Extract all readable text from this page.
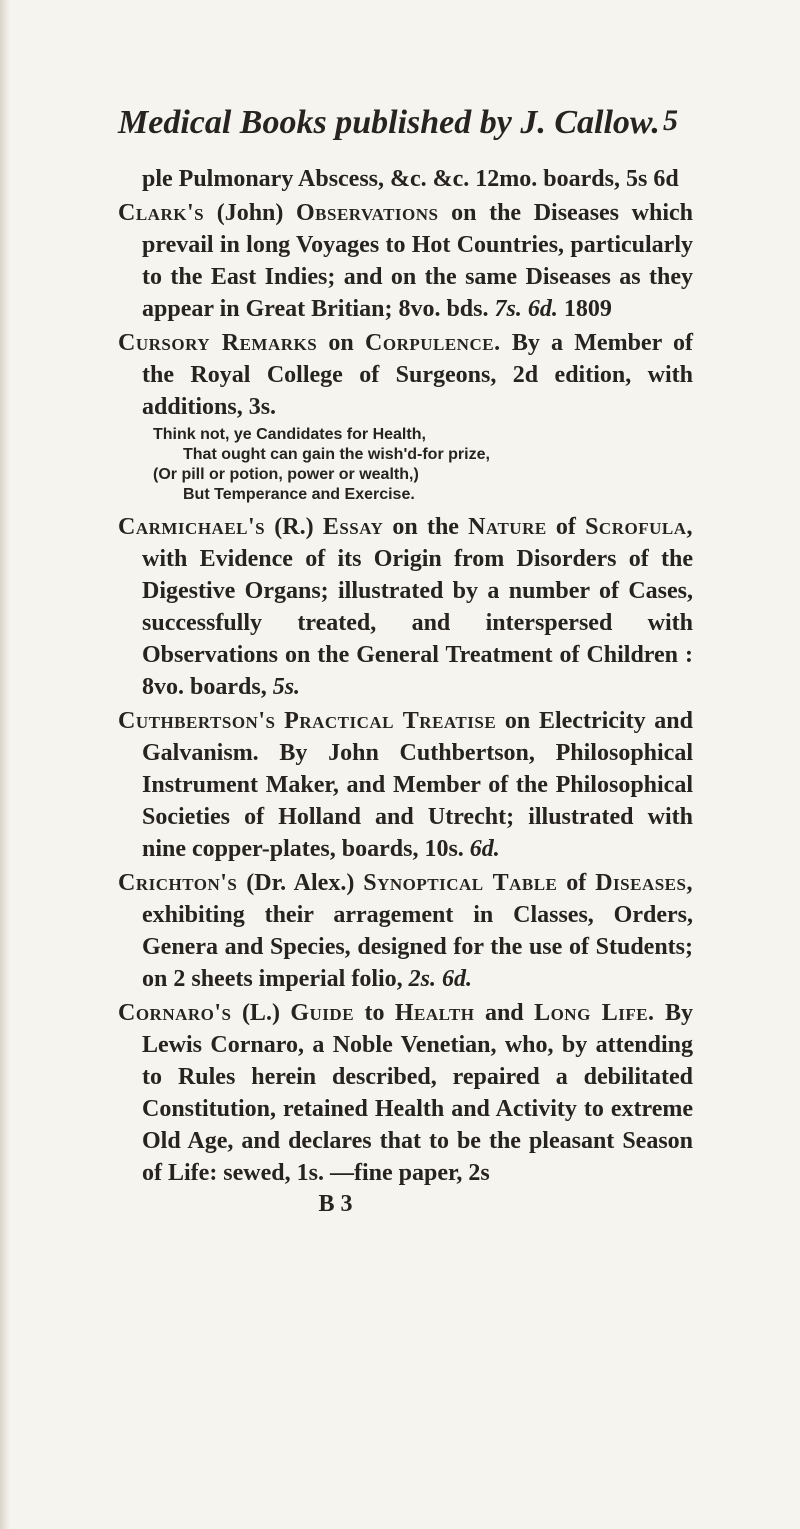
Medical Books published by J. Callow. 5
ple Pulmonary Abscess, &c. &c. 12mo. boards, 5s 6d
Clark's (John) Observations on the Diseases which prevail in long Voyages to Hot Countries, particularly to the East Indies; and on the same Diseases as they appear in Great Britian; 8vo. bds. 7s. 6d. 1809
Cursory Remarks on Corpulence. By a Member of the Royal College of Surgeons, 2d edition, with additions, 3s.
Think not, ye Candidates for Health,
That ought can gain the wish'd-for prize,
(Or pill or potion, power or wealth,)
But Temperance and Exercise.
Carmichael's (R.) Essay on the Nature of Scrofula, with Evidence of its Origin from Disorders of the Digestive Organs; illustrated by a number of Cases, successfully treated, and interspersed with Observations on the General Treatment of Children : 8vo. boards, 5s.
Cuthbertson's Practical Treatise on Electricity and Galvanism. By John Cuthbertson, Philosophical Instrument Maker, and Member of the Philosophical Societies of Holland and Utrecht; illustrated with nine copper-plates, boards, 10s. 6d.
Crichton's (Dr. Alex.) Synoptical Table of Diseases, exhibiting their arragement in Classes, Orders, Genera and Species, designed for the use of Students; on 2 sheets imperial folio, 2s. 6d.
Cornaro's (L.) Guide to Health and Long Life. By Lewis Cornaro, a Noble Venetian, who, by attending to Rules herein described, repaired a debilitated Constitution, retained Health and Activity to extreme Old Age, and declares that to be the pleasant Season of Life: sewed, 1s. —fine paper, 2s
B 3
